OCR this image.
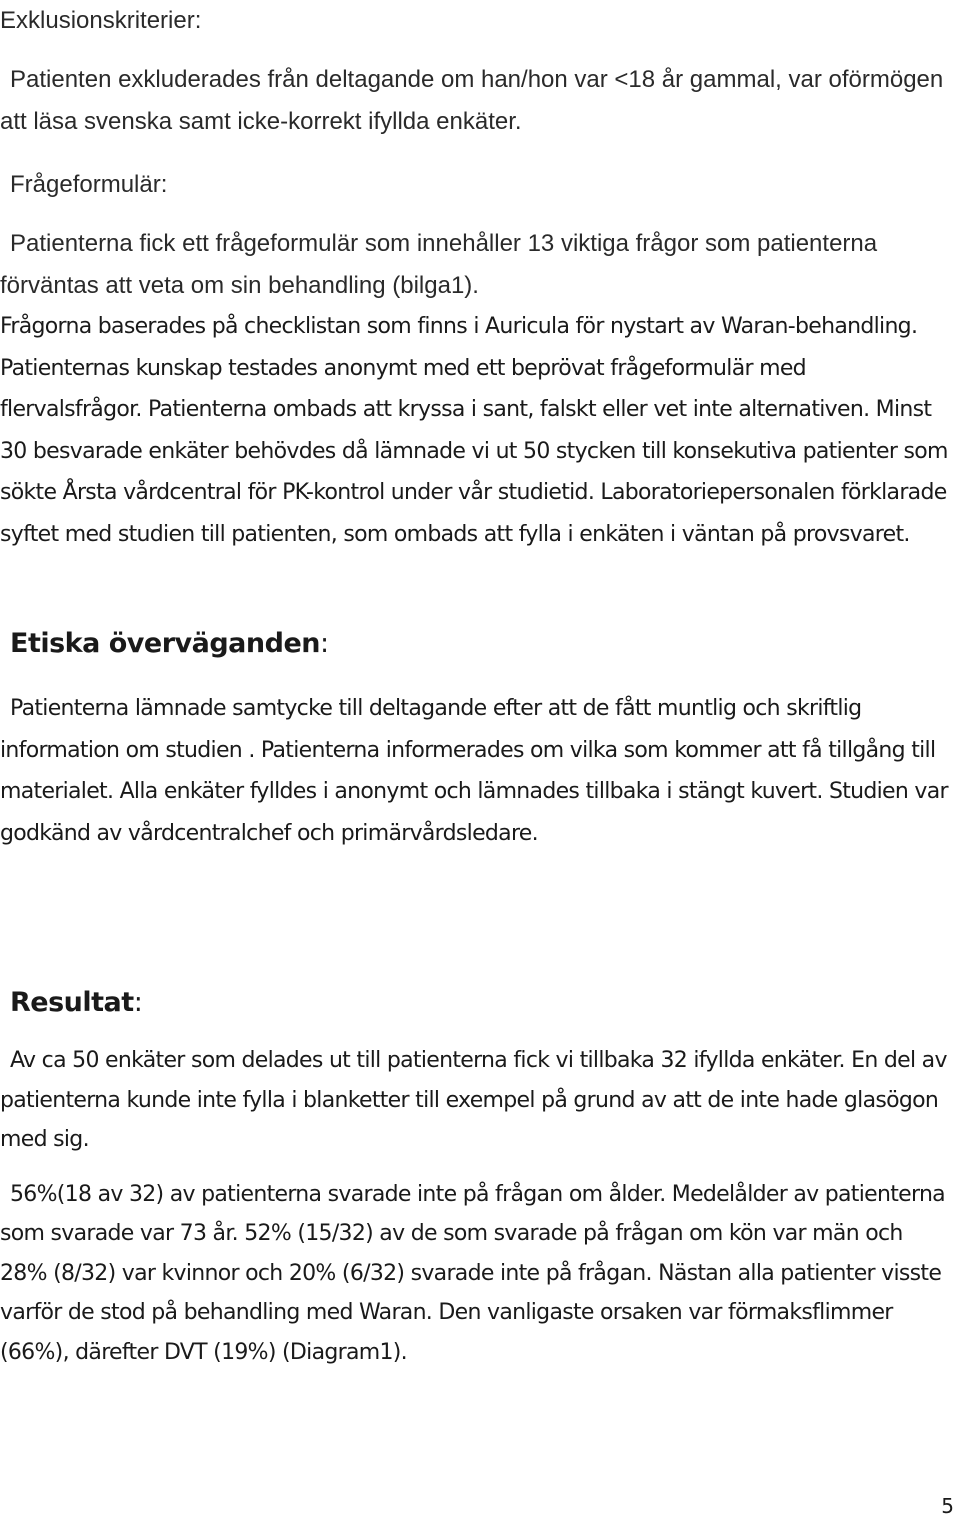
Exklusionskriterier:

Patienten exkluderades från deltagande om han/hon var <18 år gammal, var oförmögen att läsa svenska samt icke-korrekt ifyllda enkäter.

Frågeformulär:

Patienterna fick ett frågeformulär som innehåller 13 viktiga frågor som patienterna förväntas att veta om sin behandling (bilga1).

Frågorna baserades på checklistan som finns i Auricula för nystart av Waran-behandling. Patienternas kunskap testades anonymt med ett beprövat frågeformulär med flervalsfrågor. Patienterna ombads att kryssa i sant, falskt eller vet inte alternativen. Minst 30 besvarade enkäter behövdes då lämnade vi ut 50 stycken till konsekutiva patienter som sökte Årsta vårdcentral för PK-kontrol under vår studietid. Laboratoriepersonalen förklarade syftet med studien till patienten, som ombads att fylla i enkäten i väntan på provsvaret.

Etiska överväganden:

Patienterna lämnade samtycke till deltagande efter att de fått muntlig och skriftlig information om studien . Patienterna informerades om vilka som kommer att få tillgång till materialet. Alla enkäter fylldes i anonymt och lämnades tillbaka i stängt kuvert. Studien var godkänd av vårdcentralchef och primärvårdsledare.

Resultat:

Av ca 50 enkäter som delades ut till patienterna fick vi tillbaka 32 ifyllda enkäter. En del av patienterna kunde inte fylla i blanketter till exempel på grund av att de inte hade glasögon med sig.

56%(18 av 32) av patienterna svarade inte på frågan om ålder. Medelålder av patienterna som svarade var 73 år. 52% (15/32) av de som svarade på frågan om kön var män och 28% (8/32) var kvinnor och 20% (6/32) svarade inte på frågan. Nästan alla patienter visste varför de stod på behandling med Waran. Den vanligaste orsaken var förmaksflimmer (66%), därefter DVT (19%) (Diagram1).

5
